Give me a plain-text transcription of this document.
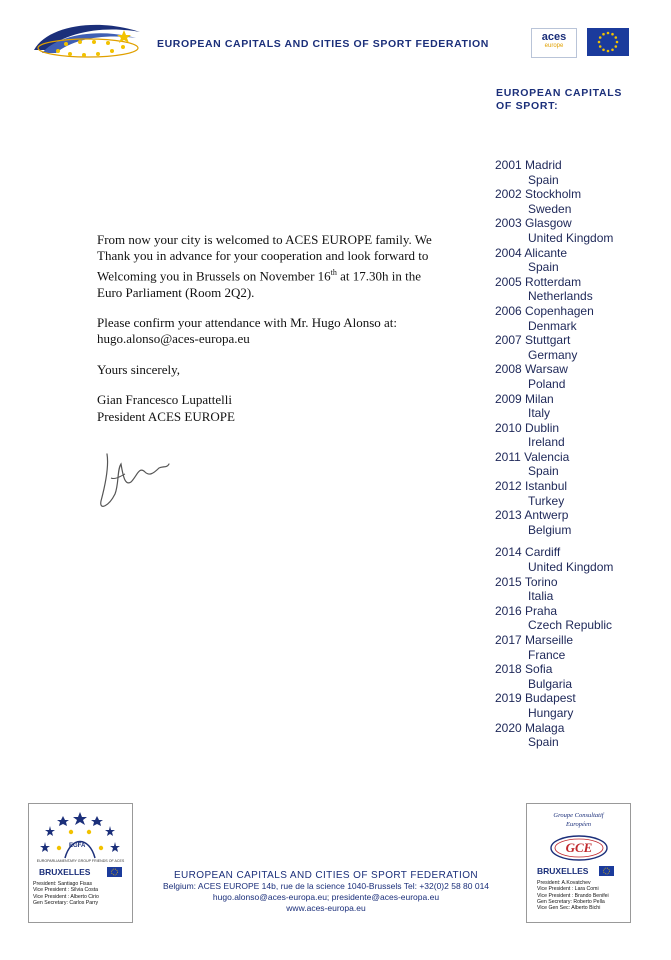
EUROPEAN CAPITALS AND CITIES OF SPORT FEDERATION
aces
europe
EUROPEAN CAPITALS
OF SPORT:
2001 Madrid
Spain
2002 Stockholm
Sweden
2003 Glasgow
United Kingdom
2004 Alicante
Spain
2005 Rotterdam
Netherlands
2006 Copenhagen
Denmark
2007 Stuttgart
Germany
2008 Warsaw
Poland
2009 Milan
Italy
2010 Dublin
Ireland
2011 Valencia
Spain
2012 Istanbul
Turkey
2013 Antwerp
Belgium
2014 Cardiff
United Kingdom
2015 Torino
Italia
2016 Praha
Czech Republic
2017 Marseille
France
2018 Sofia
Bulgaria
2019 Budapest
Hungary
2020 Malaga
Spain

From now your city is welcomed to ACES EUROPE family. We
Thank you in advance for your cooperation and look forward to
Welcoming you in Brussels on November 16th at 17.30h in the
Euro Parliament (Room 2Q2).

Please confirm your attendance with Mr. Hugo Alonso at:
hugo.alonso@aces-europa.eu

Yours sincerely,

Gian Francesco Lupattelli
President ACES EUROPE

EGFA
EUROPARLIAMENTARY GROUP FRIENDS OF ACES
BRUXELLES
President: Santiago Fisas
Vice President : Silvia Costa
Vice President : Alberto Cirio
Gen Secretary: Carlos Parry
EUROPEAN CAPITALS AND CITIES OF SPORT FEDERATION
Belgium: ACES EUROPE 14b, rue de la science 1040-Brussels Tel: +32(0)2 58 80 014
hugo.alonso@aces-europa.eu; presidente@aces-europa.eu
www.aces-europa.eu
Groupe Consultatif
Européen
GCE
BRUXELLES
President: A.Kovatchev
Vice President : Lara Comi
Vice President : Brando Benifei
Gen Secretary: Roberto Pella
Vice Gen Sec: Alberto Bichi
